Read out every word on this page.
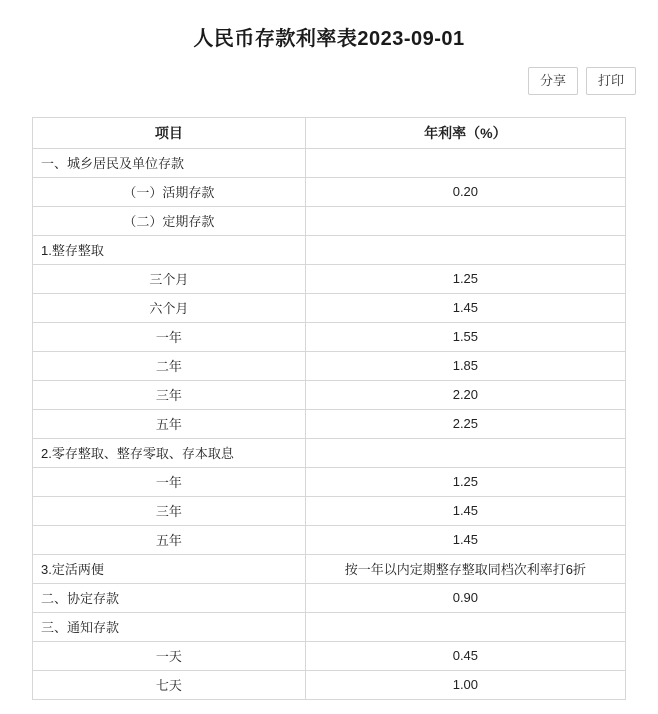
人民币存款利率表2023-09-01
分享	打印
项目	年利率（%）
一、城乡居民及单位存款	
（一）活期存款	0.20
（二）定期存款	
1.整存整取	
三个月	1.25
六个月	1.45
一年	1.55
二年	1.85
三年	2.20
五年	2.25
2.零存整取、整存零取、存本取息	
一年	1.25
三年	1.45
五年	1.45
3.定活两便	按一年以内定期整存整取同档次利率打6折
二、协定存款	0.90
三、通知存款	
一天	0.45
七天	1.00
